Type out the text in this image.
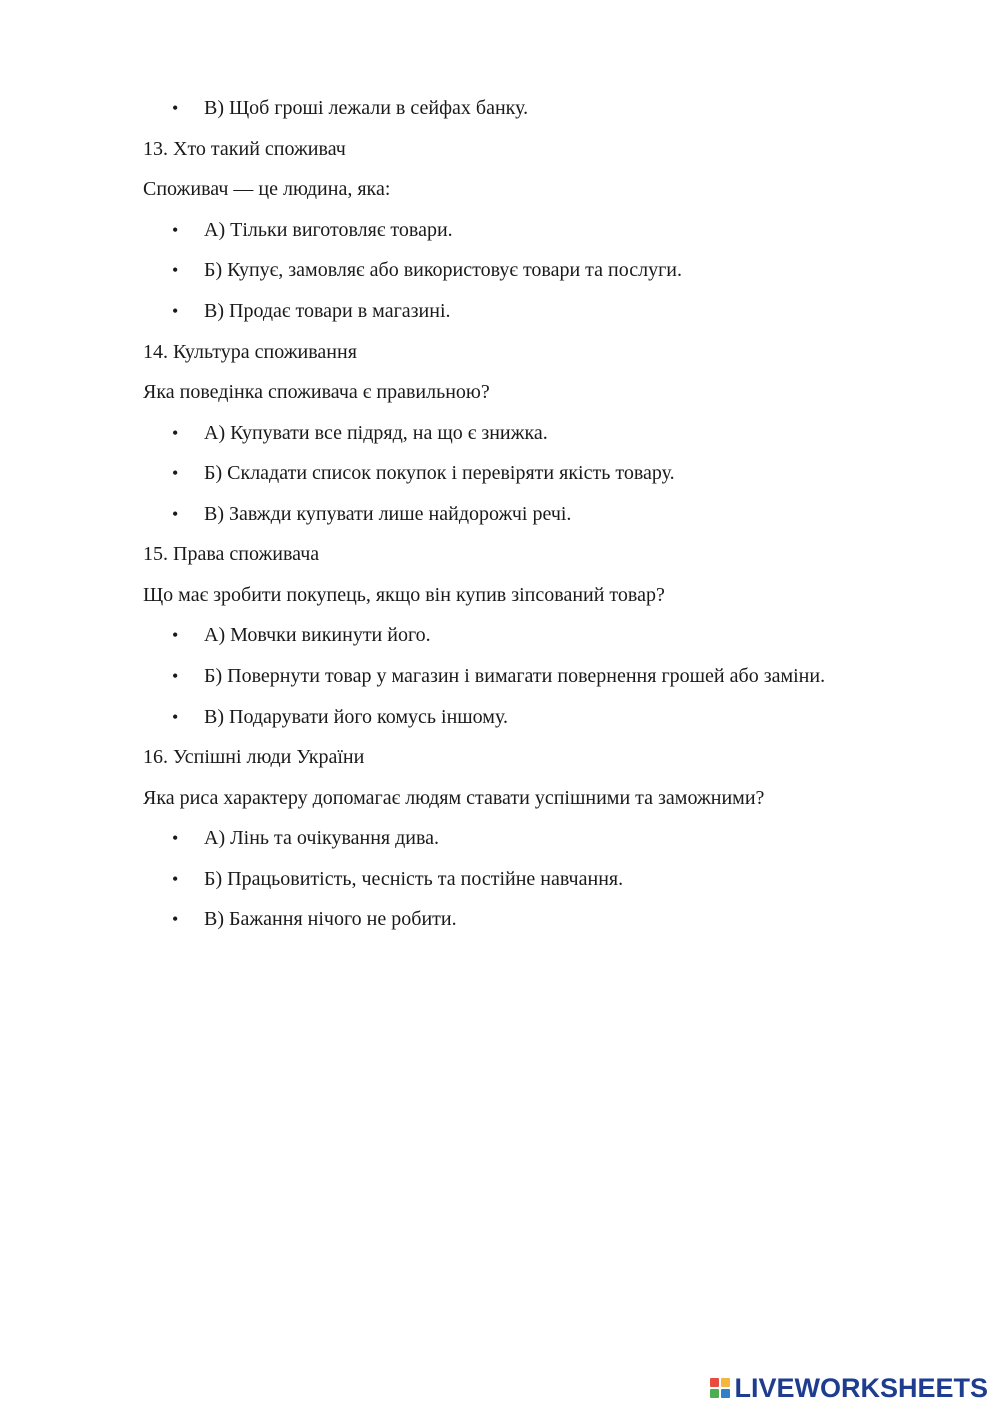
• В) Щоб гроші лежали в сейфах банку.
13. Хто такий споживач
Споживач — це людина, яка:
• А) Тільки виготовляє товари.
• Б) Купує, замовляє або використовує товари та послуги.
• В) Продає товари в магазині.
14. Культура споживання
Яка поведінка споживача є правильною?
• А) Купувати все підряд, на що є знижка.
• Б) Складати список покупок і перевіряти якість товару.
• В) Завжди купувати лише найдорожчі речі.
15. Права споживача
Що має зробити покупець, якщо він купив зіпсований товар?
• А) Мовчки викинути його.
• Б) Повернути товар у магазин і вимагати повернення грошей або заміни.
• В) Подарувати його комусь іншому.
16. Успішні люди України
Яка риса характеру допомагає людям ставати успішними та заможними?
• А) Лінь та очікування дива.
• Б) Працьовитість, чесність та постійне навчання.
• В) Бажання нічого не робити.
LIVEWORKSHEETS
